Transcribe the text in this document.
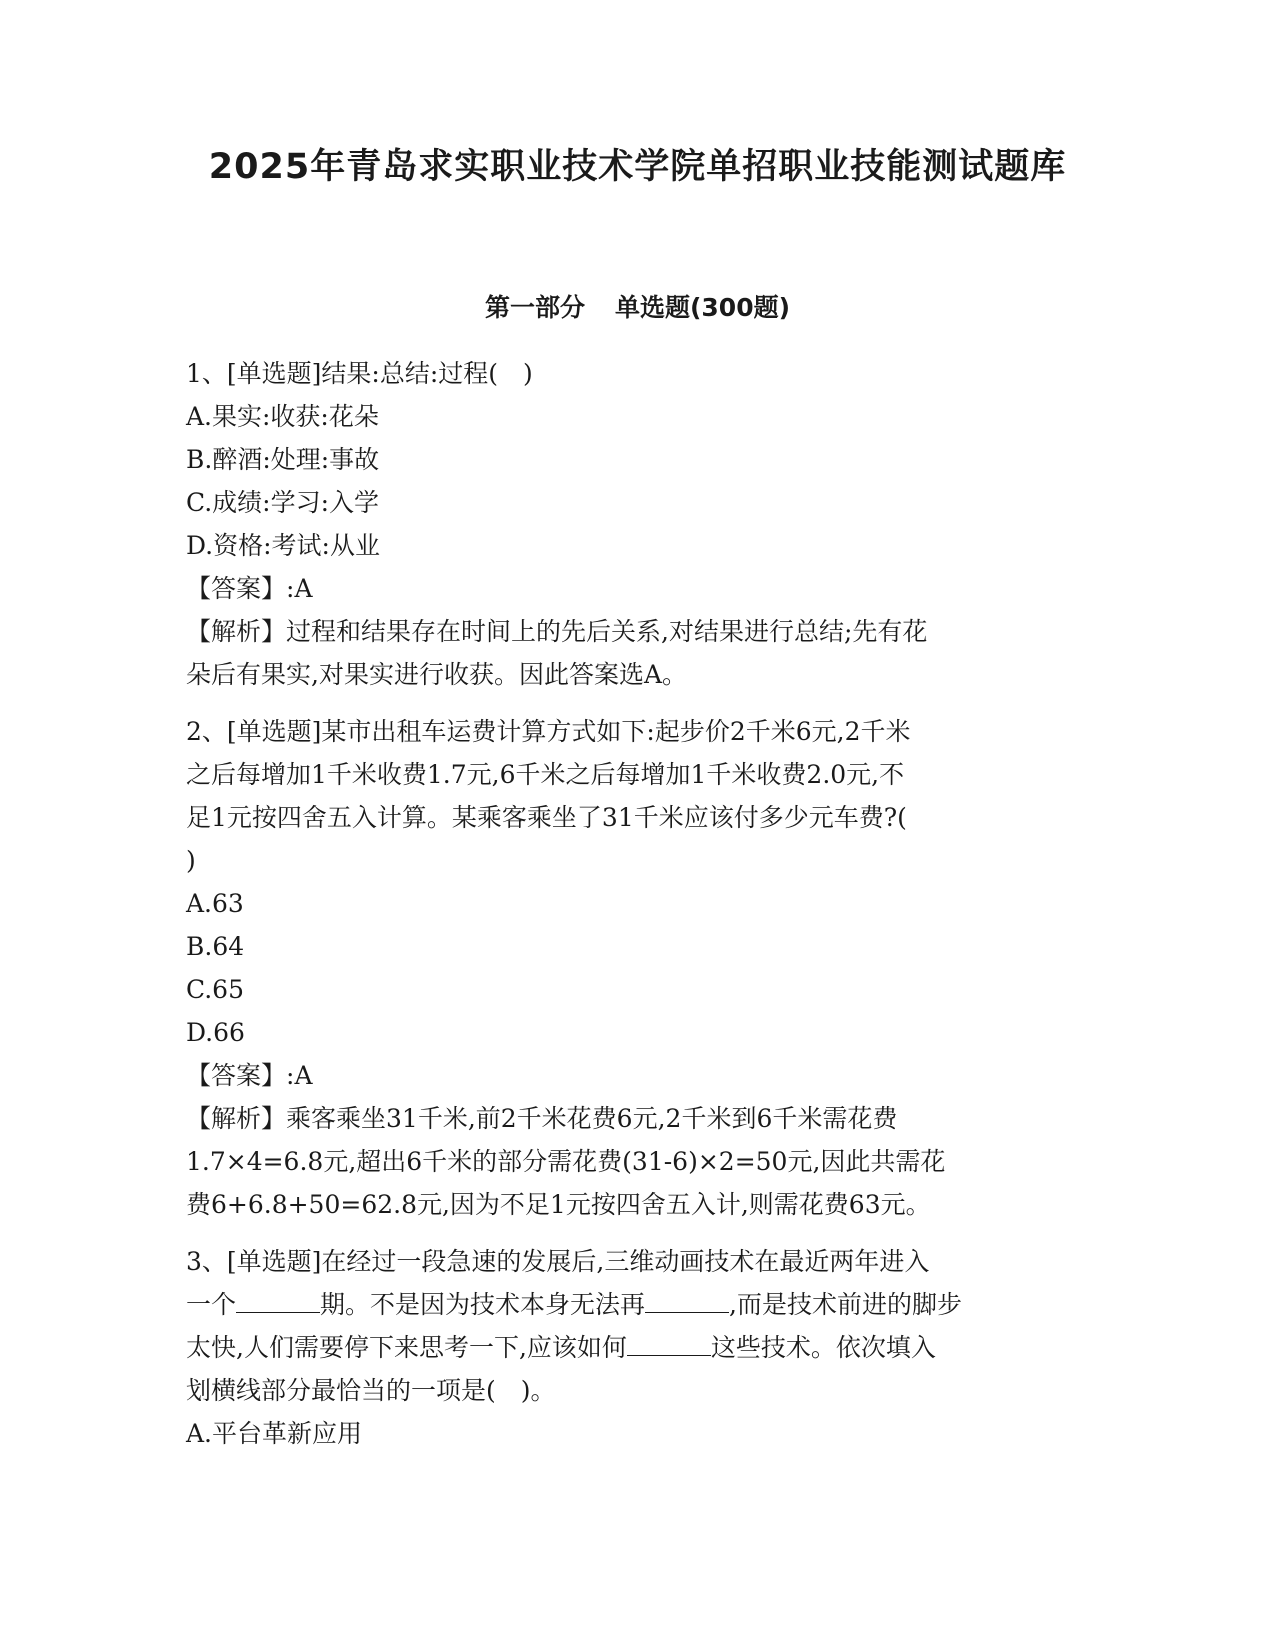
2025年青岛求实职业技术学院单招职业技能测试题库
第一部分 单选题(300题)
1、[单选题]结果:总结:过程(　)
A.果实:收获:花朵
B.醉酒:处理:事故
C.成绩:学习:入学
D.资格:考试:从业
【答案】:A
【解析】过程和结果存在时间上的先后关系,对结果进行总结;先有花
朵后有果实,对果实进行收获。因此答案选A。
2、[单选题]某市出租车运费计算方式如下:起步价2千米6元,2千米
之后每增加1千米收费1.7元,6千米之后每增加1千米收费2.0元,不
足1元按四舍五入计算。某乘客乘坐了31千米应该付多少元车费?(
)
A.63
B.64
C.65
D.66
【答案】:A
【解析】乘客乘坐31千米,前2千米花费6元,2千米到6千米需花费
1.7×4=6.8元,超出6千米的部分需花费(31-6)×2=50元,因此共需花
费6+6.8+50=62.8元,因为不足1元按四舍五入计,则需花费63元。
3、[单选题]在经过一段急速的发展后,三维动画技术在最近两年进入
一个	期。不是因为技术本身无法再	,而是技术前进的脚步
太快,人们需要停下来思考一下,应该如何	这些技术。依次填入
划横线部分最恰当的一项是(　)。
A.平台革新应用
